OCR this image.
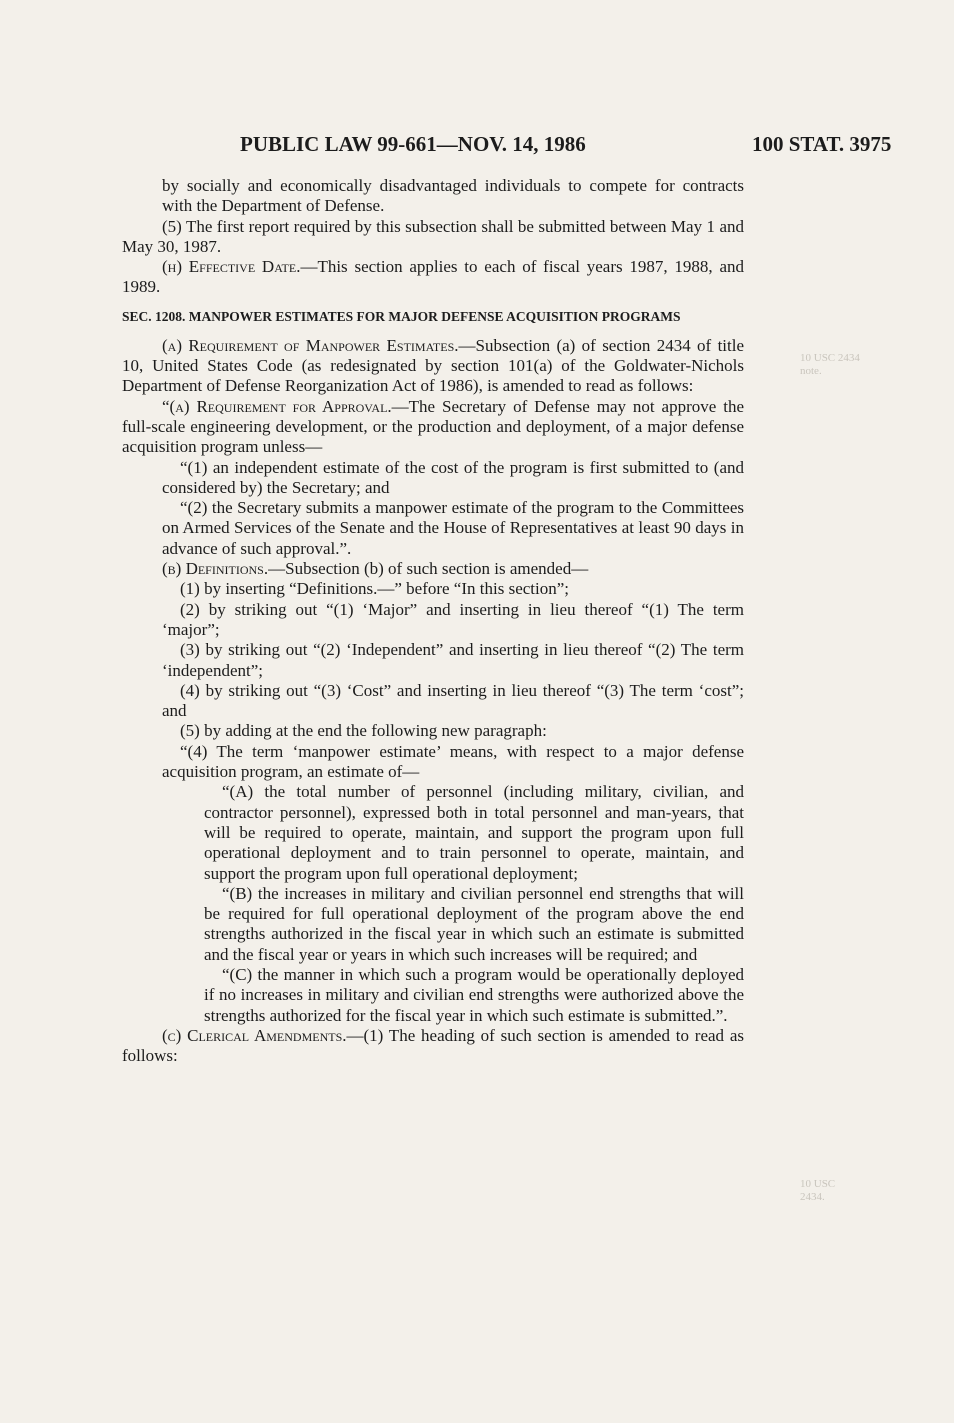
PUBLIC LAW 99-661—NOV. 14, 1986	100 STAT. 3975
10 USC 2434 note.
10 USC 2434.

by socially and economically disadvantaged individuals to compete for contracts with the Department of Defense.

(5) The first report required by this subsection shall be submitted between May 1 and May 30, 1987.

(h) Effective Date.—This section applies to each of fiscal years 1987, 1988, and 1989.

SEC. 1208. MANPOWER ESTIMATES FOR MAJOR DEFENSE ACQUISITION PROGRAMS

(a) Requirement of Manpower Estimates.—Subsection (a) of section 2434 of title 10, United States Code (as redesignated by section 101(a) of the Goldwater-Nichols Department of Defense Reorganization Act of 1986), is amended to read as follows:

“(a) Requirement for Approval.—The Secretary of Defense may not approve the full-scale engineering development, or the production and deployment, of a major defense acquisition program unless—

“(1) an independent estimate of the cost of the program is first submitted to (and considered by) the Secretary; and

“(2) the Secretary submits a manpower estimate of the program to the Committees on Armed Services of the Senate and the House of Representatives at least 90 days in advance of such approval.”.

(b) Definitions.—Subsection (b) of such section is amended—

(1) by inserting “Definitions.—” before “In this section”;

(2) by striking out “(1) ‘Major” and inserting in lieu thereof “(1) The term ‘major”;

(3) by striking out “(2) ‘Independent” and inserting in lieu thereof “(2) The term ‘independent”;

(4) by striking out “(3) ‘Cost” and inserting in lieu thereof “(3) The term ‘cost”; and

(5) by adding at the end the following new paragraph:

“(4) The term ‘manpower estimate’ means, with respect to a major defense acquisition program, an estimate of—

“(A) the total number of personnel (including military, civilian, and contractor personnel), expressed both in total personnel and man-years, that will be required to operate, maintain, and support the program upon full operational deployment and to train personnel to operate, maintain, and support the program upon full operational deployment;

“(B) the increases in military and civilian personnel end strengths that will be required for full operational deployment of the program above the end strengths authorized in the fiscal year in which such an estimate is submitted and the fiscal year or years in which such increases will be required; and

“(C) the manner in which such a program would be operationally deployed if no increases in military and civilian end strengths were authorized above the strengths authorized for the fiscal year in which such estimate is submitted.”.

(c) Clerical Amendments.—(1) The heading of such section is amended to read as follows:
